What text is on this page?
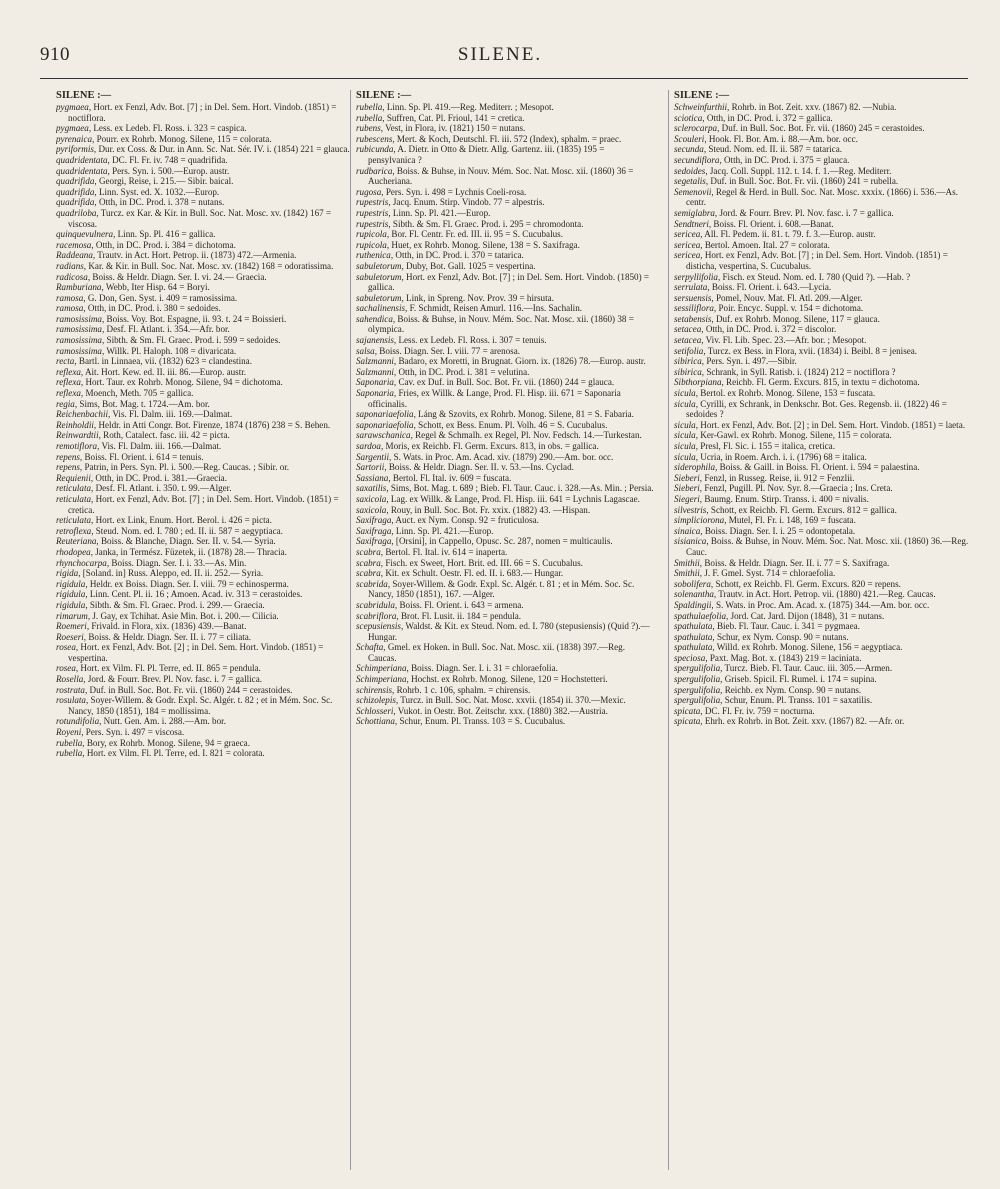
910	SILENE.
SILENE :—

pygmaea, Hort. ex Fenzl, Adv. Bot. [7] ; in Del. Sem. Hort. Vindob. (1851) = noctiflora.

pygmaea, Less. ex Ledeb. Fl. Ross. i. 323 = caspica.

pyrenaica, Pourr. ex Rohrb. Monog. Silene, 115 = colorata.

pyriformis, Dur. ex Coss. & Dur. in Ann. Sc. Nat. Sér. IV. i. (1854) 221 = glauca.

quadridentata, DC. Fl. Fr. iv. 748 = quadrifida.

quadridentata, Pers. Syn. i. 500.—Europ. austr.

quadrifida, Georgi, Reise, i. 215.— Sibir. baical.

quadrifida, Linn. Syst. ed. X. 1032.—Europ.

quadrifida, Otth, in DC. Prod. i. 378 = nutans.

quadriloba, Turcz. ex Kar. & Kir. in Bull. Soc. Nat. Mosc. xv. (1842) 167 = viscosa.

quinquevulnera, Linn. Sp. Pl. 416 = gallica.

racemosa, Otth, in DC. Prod. i. 384 = dichotoma.

Raddeana, Trautv. in Act. Hort. Petrop. ii. (1873) 472.—Armenia.

radians, Kar. & Kir. in Bull. Soc. Nat. Mosc. xv. (1842) 168 = odoratissima.

radicosa, Boiss. & Heldr. Diagn. Ser. I. vi. 24.— Graecia.

Ramburiana, Webb, Iter Hisp. 64 = Boryi.

ramosa, G. Don, Gen. Syst. i. 409 = ramosissima.

ramosa, Otth, in DC. Prod. i. 380 = sedoides.

ramosissima, Boiss. Voy. Bot. Espagne, ii. 93. t. 24 = Boissieri.

ramosissima, Desf. Fl. Atlant. i. 354.—Afr. bor.

ramosissima, Sibth. & Sm. Fl. Graec. Prod. i. 599 = sedoides.

ramosissima, Willk. Pl. Haloph. 108 = divaricata.

recta, Bartl. in Linnaea, vii. (1832) 623 = clandestina.

reflexa, Ait. Hort. Kew. ed. II. iii. 86.—Europ. austr.

reflexa, Hort. Taur. ex Rohrb. Monog. Silene, 94 = dichotoma.

reflexa, Moench, Meth. 705 = gallica.

regia, Sims, Bot. Mag. t. 1724.—Am. bor.

Reichenbachii, Vis. Fl. Dalm. iii. 169.—Dalmat.

Reinholdii, Heldr. in Atti Congr. Bot. Firenze, 1874 (1876) 238 = S. Behen.

Reinwardtii, Roth, Catalect. fasc. iii. 42 = picta.

remotiflora, Vis. Fl. Dalm. iii. 166.—Dalmat.

repens, Boiss. Fl. Orient. i. 614 = tenuis.

repens, Patrin, in Pers. Syn. Pl. i. 500.—Reg. Caucas. ; Sibir. or.

Requienii, Otth, in DC. Prod. i. 381.—Graecia.

reticulata, Desf. Fl. Atlant. i. 350. t. 99.—Alger.

reticulata, Hort. ex Fenzl, Adv. Bot. [7] ; in Del. Sem. Hort. Vindob. (1851) = cretica.

reticulata, Hort. ex Link, Enum. Hort. Berol. i. 426 = picta.

retroflexa, Steud. Nom. ed. I. 780 ; ed. II. ii. 587 = aegyptiaca.

Reuteriana, Boiss. & Blanche, Diagn. Ser. II. v. 54.— Syria.

rhodopea, Janka, in Termész. Füzetek, ii. (1878) 28.— Thracia.

rhynchocarpa, Boiss. Diagn. Ser. I. i. 33.—As. Min.

rigida, [Soland. in] Russ. Aleppo, ed. II. ii. 252.— Syria.

rigidula, Heldr. ex Boiss. Diagn. Ser. I. viii. 79 = echinosperma.

rigidula, Linn. Cent. Pl. ii. 16 ; Amoen. Acad. iv. 313 = cerastoides.

rigidula, Sibth. & Sm. Fl. Graec. Prod. i. 299.— Graecia.

rimarum, J. Gay, ex Tchihat. Asie Min. Bot. i. 200.— Cilicia.

Roemeri, Frivald. in Flora, xix. (1836) 439.—Banat.

Roeseri, Boiss. & Heldr. Diagn. Ser. II. i. 77 = ciliata.

rosea, Hort. ex Fenzl, Adv. Bot. [2] ; in Del. Sem. Hort. Vindob. (1851) = vespertina.

rosea, Hort. ex Vilm. Fl. Pl. Terre, ed. II. 865 = pendula.

Rosella, Jord. & Fourr. Brev. Pl. Nov. fasc. i. 7 = gallica.

rostrata, Duf. in Bull. Soc. Bot. Fr. vii. (1860) 244 = cerastoides.

rosulata, Soyer-Willem. & Godr. Expl. Sc. Algér. t. 82 ; et in Mém. Soc. Sc. Nancy, 1850 (1851), 184 = mollissima.

rotundifolia, Nutt. Gen. Am. i. 288.—Am. bor.

Royeni, Pers. Syn. i. 497 = viscosa.

rubella, Bory, ex Rohrb. Monog. Silene, 94 = graeca.

rubella, Hort. ex Vilm. Fl. Pl. Terre, ed. I. 821 = colorata.

SILENE :—

rubella, Linn. Sp. Pl. 419.—Reg. Mediterr. ; Mesopot.

rubella, Suffren, Cat. Pl. Frioul, 141 = cretica.

rubens, Vest, in Flora, iv. (1821) 150 = nutans.

rubescens, Mert. & Koch, Deutschl. Fl. iii. 572 (Index), sphalm. = praec.

rubicunda, A. Dietr. in Otto & Dietr. Allg. Gartenz. iii. (1835) 195 = pensylvanica ?

rudbarica, Boiss. & Buhse, in Nouv. Mém. Soc. Nat. Mosc. xii. (1860) 36 = Aucheriana.

rugosa, Pers. Syn. i. 498 = Lychnis Coeli-rosa.

rupestris, Jacq. Enum. Stirp. Vindob. 77 = alpestris.

rupestris, Linn. Sp. Pl. 421.—Europ.

rupestris, Sibth. & Sm. Fl. Graec. Prod. i. 295 = chromodonta.

rupicola, Bor. Fl. Centr. Fr. ed. III. ii. 95 = S. Cucubalus.

rupicola, Huet, ex Rohrb. Monog. Silene, 138 = S. Saxifraga.

ruthenica, Otth, in DC. Prod. i. 370 = tatarica.

sabuletorum, Duby, Bot. Gall. 1025 = vespertina.

sabuletorum, Hort. ex Fenzl, Adv. Bot. [7] ; in Del. Sem. Hort. Vindob. (1850) = gallica.

sabuletorum, Link, in Spreng. Nov. Prov. 39 = hirsuta.

sachalinensis, F. Schmidt, Reisen Amurl. 116.—Ins. Sachalin.

sahendica, Boiss. & Buhse, in Nouv. Mém. Soc. Nat. Mosc. xii. (1860) 38 = olympica.

sajanensis, Less. ex Ledeb. Fl. Ross. i. 307 = tenuis.

salsa, Boiss. Diagn. Ser. I. viii. 77 = arenosa.

Salzmanni, Badaro, ex Moretti, in Brugnat. Giorn. ix. (1826) 78.—Europ. austr.

Salzmanni, Otth, in DC. Prod. i. 381 = velutina.

Saponaria, Cav. ex Duf. in Bull. Soc. Bot. Fr. vii. (1860) 244 = glauca.

Saponaria, Fries, ex Willk. & Lange, Prod. Fl. Hisp. iii. 671 = Saponaria officinalis.

saponariaefolia, Láng & Szovits, ex Rohrb. Monog. Silene, 81 = S. Fabaria.

saponariaefolia, Schott, ex Bess. Enum. Pl. Volh. 46 = S. Cucubalus.

sarawschanica, Regel & Schmalh. ex Regel, Pl. Nov. Fedsch. 14.—Turkestan.

sardoa, Moris, ex Reichb. Fl. Germ. Excurs. 813, in obs. = gallica.

Sargentii, S. Wats. in Proc. Am. Acad. xiv. (1879) 290.—Am. bor. occ.

Sartorii, Boiss. & Heldr. Diagn. Ser. II. v. 53.—Ins. Cyclad.

Sassiana, Bertol. Fl. Ital. iv. 609 = fuscata.

saxatilis, Sims, Bot. Mag. t. 689 ; Bieb. Fl. Taur. Cauc. i. 328.—As. Min. ; Persia.

saxicola, Lag. ex Willk. & Lange, Prod. Fl. Hisp. iii. 641 = Lychnis Lagascae.

saxicola, Rouy, in Bull. Soc. Bot. Fr. xxix. (1882) 43. —Hispan.

Saxifraga, Auct. ex Nym. Consp. 92 = fruticulosa.

Saxifraga, Linn. Sp. Pl. 421.—Europ.

Saxifraga, [Orsini], in Cappello, Opusc. Sc. 287, nomen = multicaulis.

scabra, Bertol. Fl. Ital. iv. 614 = inaperta.

scabra, Fisch. ex Sweet, Hort. Brit. ed. III. 66 = S. Cucubalus.

scabra, Kit. ex Schult. Oestr. Fl. ed. II. i. 683.— Hungar.

scabrida, Soyer-Willem. & Godr. Expl. Sc. Algér. t. 81 ; et in Mém. Soc. Sc. Nancy, 1850 (1851), 167. —Alger.

scabridula, Boiss. Fl. Orient. i. 643 = armena.

scabriflora, Brot. Fl. Lusit. ii. 184 = pendula.

scepusiensis, Waldst. & Kit. ex Steud. Nom. ed. I. 780 (stepusiensis) (Quid ?).—Hungar.

Schafta, Gmel. ex Hoken. in Bull. Soc. Nat. Mosc. xii. (1838) 397.—Reg. Caucas.

Schimperiana, Boiss. Diagn. Ser. I. i. 31 = chloraefolia.

Schimperiana, Hochst. ex Rohrb. Monog. Silene, 120 = Hochstetteri.

schirensis, Rohrb. 1 c. 106, sphalm. = chirensis.

schizolepis, Turcz. in Bull. Soc. Nat. Mosc. xxvii. (1854) ii. 370.—Mexic.

Schlosseri, Vukot. in Oestr. Bot. Zeitschr. xxx. (1880) 382.—Austria.

Schottiana, Schur, Enum. Pl. Transs. 103 = S. Cucubalus.

SILENE :—

Schweinfurthii, Rohrb. in Bot. Zeit. xxv. (1867) 82. —Nubia.

sciotica, Otth, in DC. Prod. i. 372 = gallica.

sclerocarpa, Duf. in Bull. Soc. Bot. Fr. vii. (1860) 245 = cerastoides.

Scouleri, Hook. Fl. Bor. Am. i. 88.—Am. bor. occ.

secunda, Steud. Nom. ed. II. ii. 587 = tatarica.

secundiflora, Otth, in DC. Prod. i. 375 = glauca.

sedoides, Jacq. Coll. Suppl. 112. t. 14. f. 1.—Reg. Mediterr.

segetalis, Duf. in Bull. Soc. Bot. Fr. vii. (1860) 241 = rubella.

Semenovii, Regel & Herd. in Bull. Soc. Nat. Mosc. xxxix. (1866) i. 536.—As. centr.

semiglabra, Jord. & Fourr. Brev. Pl. Nov. fasc. i. 7 = gallica.

Sendtneri, Boiss. Fl. Orient. i. 608.—Banat.

sericea, All. Fl. Pedem. ii. 81. t. 79. f. 3.—Europ. austr.

sericea, Bertol. Amoen. Ital. 27 = colorata.

sericea, Hort. ex Fenzl, Adv. Bot. [7] ; in Del. Sem. Hort. Vindob. (1851) = disticha, vespertina, S. Cucubalus.

serpyllifolia, Fisch. ex Steud. Nom. ed. I. 780 (Quid ?). —Hab. ?

serrulata, Boiss. Fl. Orient. i. 643.—Lycia.

sersuensis, Pomel, Nouv. Mat. Fl. Atl. 209.—Alger.

sessiliflora, Poir. Encyc. Suppl. v. 154 = dichotoma.

setabensis, Duf. ex Rohrb. Monog. Silene, 117 = glauca.

setacea, Otth, in DC. Prod. i. 372 = discolor.

setacea, Viv. Fl. Lib. Spec. 23.—Afr. bor. ; Mesopot.

setifolia, Turcz. ex Bess. in Flora, xvii. (1834) i. Beibl. 8 = jenisea.

sibirica, Pers. Syn. i. 497.—Sibir.

sibirica, Schrank, in Syll. Ratisb. i. (1824) 212 = noctiflora ?

Sibthorpiana, Reichb. Fl. Germ. Excurs. 815, in textu = dichotoma.

sicula, Bertol. ex Rohrb. Monog. Silene, 153 = fuscata.

sicula, Cyrilli, ex Schrank, in Denkschr. Bot. Ges. Regensb. ii. (1822) 46 = sedoides ?

sicula, Hort. ex Fenzl, Adv. Bot. [2] ; in Del. Sem. Hort. Vindob. (1851) = laeta.

sicula, Ker-Gawl. ex Rohrb. Monog. Silene, 115 = colorata.

sicula, Presl, Fl. Sic. i. 155 = italica, cretica.

sicula, Ucria, in Roem. Arch. i. i. (1796) 68 = italica.

siderophila, Boiss. & Gaill. in Boiss. Fl. Orient. i. 594 = palaestina.

Sieberi, Fenzl, in Russeg. Reise, ii. 912 = Fenzlii.

Sieberi, Fenzl, Pugill. Pl. Nov. Syr. 8.—Graecia ; Ins. Creta.

Siegeri, Baumg. Enum. Stirp. Transs. i. 400 = nivalis.

silvestris, Schott, ex Reichb. Fl. Germ. Excurs. 812 = gallica.

simpliciorona, Mutel, Fl. Fr. i. 148, 169 = fuscata.

sinaica, Boiss. Diagn. Ser. I. i. 25 = odontopetala.

sisianica, Boiss. & Buhse, in Nouv. Mém. Soc. Nat. Mosc. xii. (1860) 36.—Reg. Cauc.

Smithii, Boiss. & Heldr. Diagn. Ser. II. i. 77 = S. Saxifraga.

Smithii, J. F. Gmel. Syst. 714 = chloraefolia.

sobolifera, Schott, ex Reichb. Fl. Germ. Excurs. 820 = repens.

solenantha, Trautv. in Act. Hort. Petrop. vii. (1880) 421.—Reg. Caucas.

Spaldingii, S. Wats. in Proc. Am. Acad. x. (1875) 344.—Am. bor. occ.

spathulaefolia, Jord. Cat. Jard. Dijon (1848), 31 = nutans.

spathulata, Bieb. Fl. Taur. Cauc. i. 341 = pygmaea.

spathulata, Schur, ex Nym. Consp. 90 = nutans.

spathulata, Willd. ex Rohrb. Monog. Silene, 156 = aegyptiaca.

speciosa, Paxt. Mag. Bot. x. (1843) 219 = laciniata.

spergulifolia, Turcz. Bieb. Fl. Taur. Cauc. iii. 305.—Armen.

spergulifolia, Griseb. Spicil. Fl. Rumel. i. 174 = supina.

spergulifolia, Reichb. ex Nym. Consp. 90 = nutans.

spergulifolia, Schur, Enum. Pl. Transs. 101 = saxatilis.

spicata, DC. Fl. Fr. iv. 759 = nocturna.

spicata, Ehrh. ex Rohrb. in Bot. Zeit. xxv. (1867) 82. —Afr. or.
